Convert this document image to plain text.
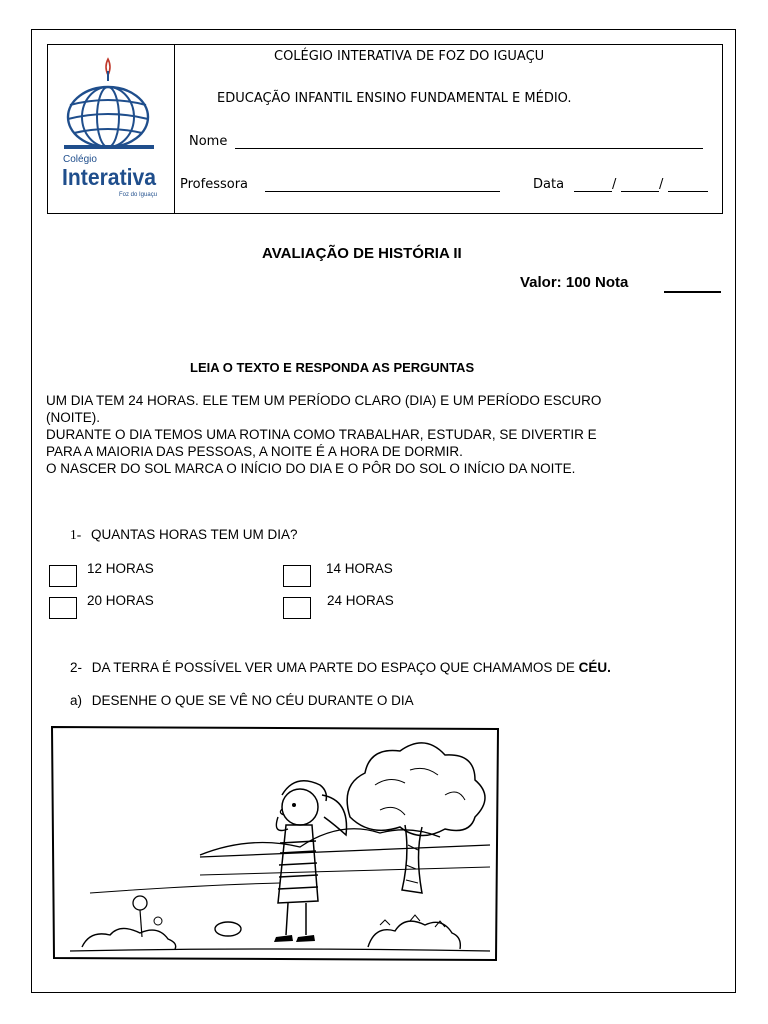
Colégio
Interativa
Foz do Iguaçu
COLÉGIO INTERATIVA DE FOZ DO IGUAÇU
EDUCAÇÃO INFANTIL ENSINO FUNDAMENTAL E MÉDIO.
Nome
Professora	Data	/	/
AVALIAÇÃO DE HISTÓRIA II
Valor: 100 Nota
LEIA O TEXTO E RESPONDA AS PERGUNTAS
UM DIA TEM 24 HORAS. ELE TEM UM PERÍODO CLARO (DIA) E UM PERÍODO ESCURO
(NOITE).
DURANTE O DIA TEMOS UMA ROTINA COMO TRABALHAR, ESTUDAR, SE DIVERTIR E
PARA A MAIORIA DAS PESSOAS, A NOITE É A HORA DE DORMIR.
O NASCER DO SOL MARCA O INÍCIO DO DIA E O PÔR DO SOL O INÍCIO DA NOITE.
1- QUANTAS HORAS TEM UM DIA?
12 HORAS	14 HORAS
20 HORAS	24 HORAS
2- DA TERRA É POSSÍVEL VER UMA PARTE DO ESPAÇO QUE CHAMAMOS DE CÉU.
a) DESENHE O QUE SE VÊ NO CÉU DURANTE O DIA
